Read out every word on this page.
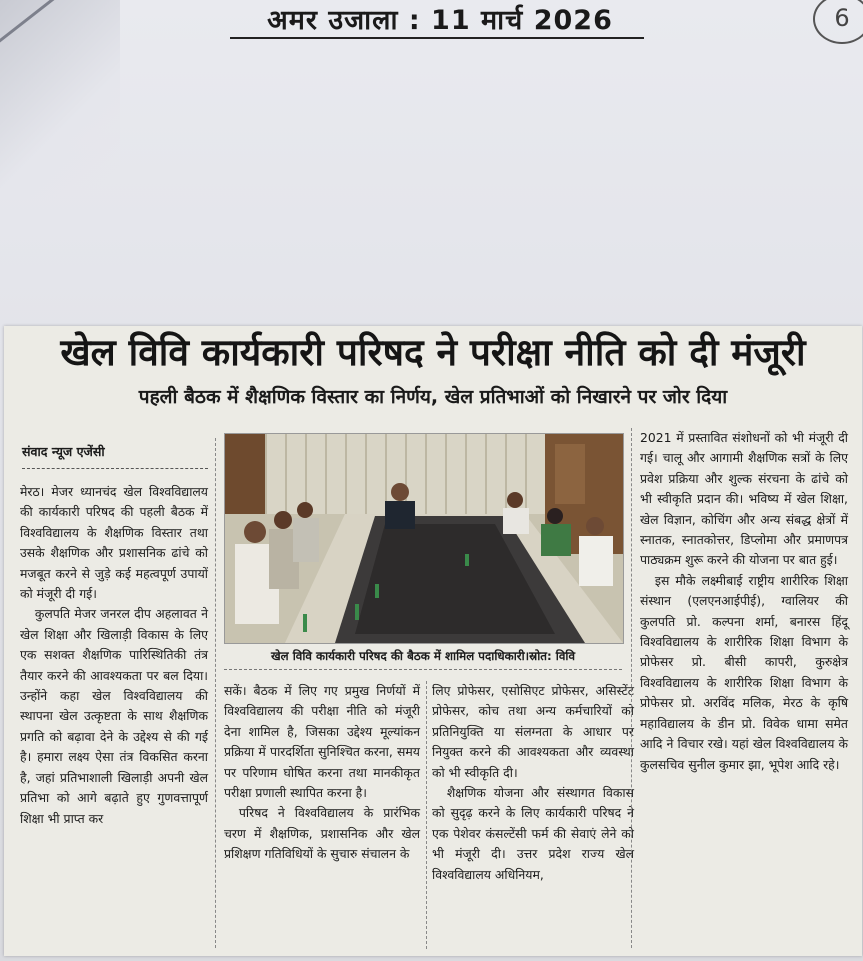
अमर उजाला : 11 मार्च 2026	6
खेल विवि कार्यकारी परिषद ने परीक्षा नीति को दी मंजूरी
पहली बैठक में शैक्षणिक विस्तार का निर्णय, खेल प्रतिभाओं को निखारने पर जोर दिया
संवाद न्यूज एजेंसी

मेरठ। मेजर ध्यानचंद खेल विश्वविद्यालय की कार्यकारी परिषद की पहली बैठक में विश्वविद्यालय के शैक्षणिक विस्तार तथा उसके शैक्षणिक और प्रशासनिक ढांचे को मजबूत करने से जुड़े कई महत्वपूर्ण उपायों को मंजूरी दी गई।

कुलपति मेजर जनरल दीप अहलावत ने खेल शिक्षा और खिलाड़ी विकास के लिए एक सशक्त शैक्षणिक पारिस्थितिकी तंत्र तैयार करने की आवश्यकता पर बल दिया। उन्होंने कहा खेल विश्वविद्यालय की स्थापना खेल उत्कृष्टता के साथ शैक्षणिक प्रगति को बढ़ावा देने के उद्देश्य से की गई है। हमारा लक्ष्य ऐसा तंत्र विकसित करना है, जहां प्रतिभाशाली खिलाड़ी अपनी खेल प्रतिभा को आगे बढ़ाते हुए गुणवत्तापूर्ण शिक्षा भी प्राप्त कर

खेल विवि कार्यकारी परिषद की बैठक में शामिल पदाधिकारी।स्रोत: विवि

सकें। बैठक में लिए गए प्रमुख निर्णयों में विश्वविद्यालय की परीक्षा नीति को मंजूरी देना शामिल है, जिसका उद्देश्य मूल्यांकन प्रक्रिया में पारदर्शिता सुनिश्चित करना, समय पर परिणाम घोषित करना तथा मानकीकृत परीक्षा प्रणाली स्थापित करना है।

परिषद ने विश्वविद्यालय के प्रारंभिक चरण में शैक्षणिक, प्रशासनिक और खेल प्रशिक्षण गतिविधियों के सुचारु संचालन के

लिए प्रोफेसर, एसोसिएट प्रोफेसर, असिस्टेंट प्रोफेसर, कोच तथा अन्य कर्मचारियों को प्रतिनियुक्ति या संलग्नता के आधार पर नियुक्त करने की आवश्यकता और व्यवस्था को भी स्वीकृति दी।

शैक्षणिक योजना और संस्थागत विकास को सुदृढ़ करने के लिए कार्यकारी परिषद ने एक पेशेवर कंसल्टेंसी फर्म की सेवाएं लेने को भी मंजूरी दी। उत्तर प्रदेश राज्य खेल विश्वविद्यालय अधिनियम,

2021 में प्रस्तावित संशोधनों को भी मंजूरी दी गई। चालू और आगामी शैक्षणिक सत्रों के लिए प्रवेश प्रक्रिया और शुल्क संरचना के ढांचे को भी स्वीकृति प्रदान की। भविष्य में खेल शिक्षा, खेल विज्ञान, कोचिंग और अन्य संबद्ध क्षेत्रों में स्नातक, स्नातकोत्तर, डिप्लोमा और प्रमाणपत्र पाठ्यक्रम शुरू करने की योजना पर बात हुई।

इस मौके लक्ष्मीबाई राष्ट्रीय शारीरिक शिक्षा संस्थान (एलएनआईपीई), ग्वालियर की कुलपति प्रो. कल्पना शर्मा, बनारस हिंदू विश्वविद्यालय के शारीरिक शिक्षा विभाग के प्रोफेसर प्रो. बीसी कापरी, कुरुक्षेत्र विश्वविद्यालय के शारीरिक शिक्षा विभाग के प्रोफेसर प्रो. अरविंद मलिक, मेरठ के कृषि महाविद्यालय के डीन प्रो. विवेक धामा समेत आदि ने विचार रखे। यहां खेल विश्वविद्यालय के कुलसचिव सुनील कुमार झा, भूपेश आदि रहे।
